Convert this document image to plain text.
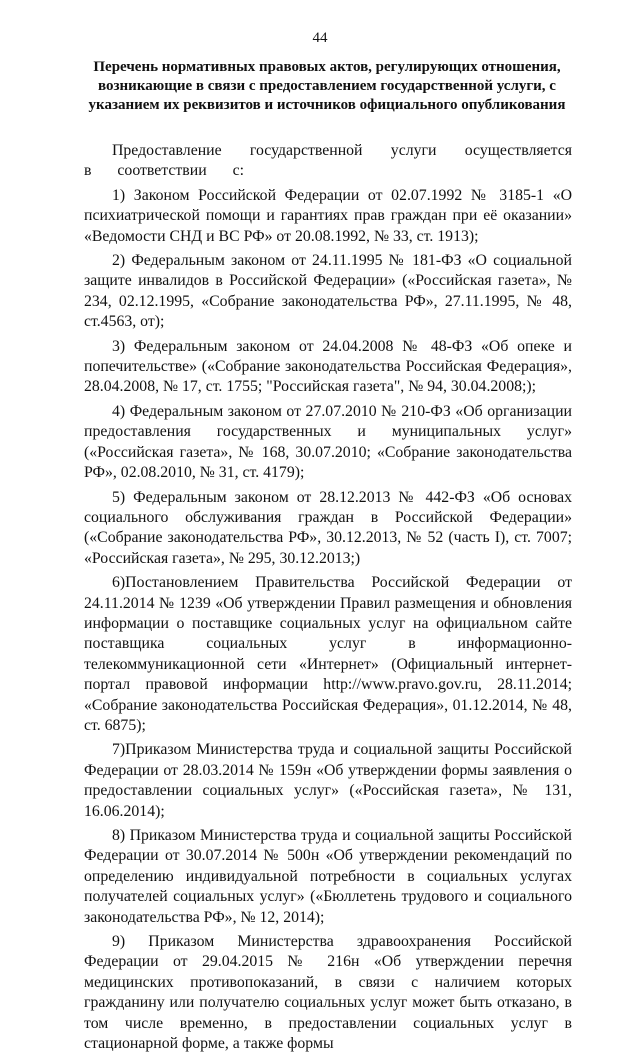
44
Перечень нормативных правовых актов, регулирующих отношения, возникающие в связи с предоставлением государственной услуги, с указанием их реквизитов и источников официального опубликования

Предоставление государственной услуги осуществляется в соответствии с:

1) Законом Российской Федерации от 02.07.1992 № 3185-1 «О психиатрической помощи и гарантиях прав граждан при её оказании» «Ведомости СНД и ВС РФ» от 20.08.1992, № 33, ст. 1913);

2) Федеральным законом от 24.11.1995 № 181-ФЗ «О социальной защите инвалидов в Российской Федерации» («Российская газета», № 234, 02.12.1995, «Собрание законодательства РФ», 27.11.1995, № 48, ст.4563, от);

3) Федеральным законом от 24.04.2008 № 48-ФЗ «Об опеке и попечительстве» («Собрание законодательства Российская Федерация», 28.04.2008, № 17, ст. 1755; "Российская газета", № 94, 30.04.2008;);

4) Федеральным законом от 27.07.2010 № 210-ФЗ «Об организации предоставления государственных и муниципальных услуг» («Российская газета», № 168, 30.07.2010; «Собрание законодательства РФ», 02.08.2010, № 31, ст. 4179);

5) Федеральным законом от 28.12.2013 № 442-ФЗ «Об основах социального обслуживания граждан в Российской Федерации» («Собрание законодательства РФ», 30.12.2013, № 52 (часть I), ст. 7007; «Российская газета», № 295, 30.12.2013;)

6)Постановлением Правительства Российской Федерации от 24.11.2014 № 1239 «Об утверждении Правил размещения и обновления информации о поставщике социальных услуг на официальном сайте поставщика социальных услуг в информационно-телекоммуникационной сети «Интернет» (Официальный интернет-портал правовой информации http://www.pravo.gov.ru, 28.11.2014; «Собрание законодательства Российская Федерация», 01.12.2014, № 48, ст. 6875);

7)Приказом Министерства труда и социальной защиты Российской Федерации от 28.03.2014 № 159н «Об утверждении формы заявления о предоставлении социальных услуг» («Российская газета», № 131, 16.06.2014);

8) Приказом Министерства труда и социальной защиты Российской Федерации от 30.07.2014 № 500н «Об утверждении рекомендаций по определению индивидуальной потребности в социальных услугах получателей социальных услуг» («Бюллетень трудового и социального законодательства РФ», № 12, 2014);

9) Приказом Министерства здравоохранения Российской Федерации от 29.04.2015 № 216н «Об утверждении перечня медицинских противопоказаний, в связи с наличием которых гражданину или получателю социальных услуг может быть отказано, в том числе временно, в предоставлении социальных услуг в стационарной форме, а также формы
